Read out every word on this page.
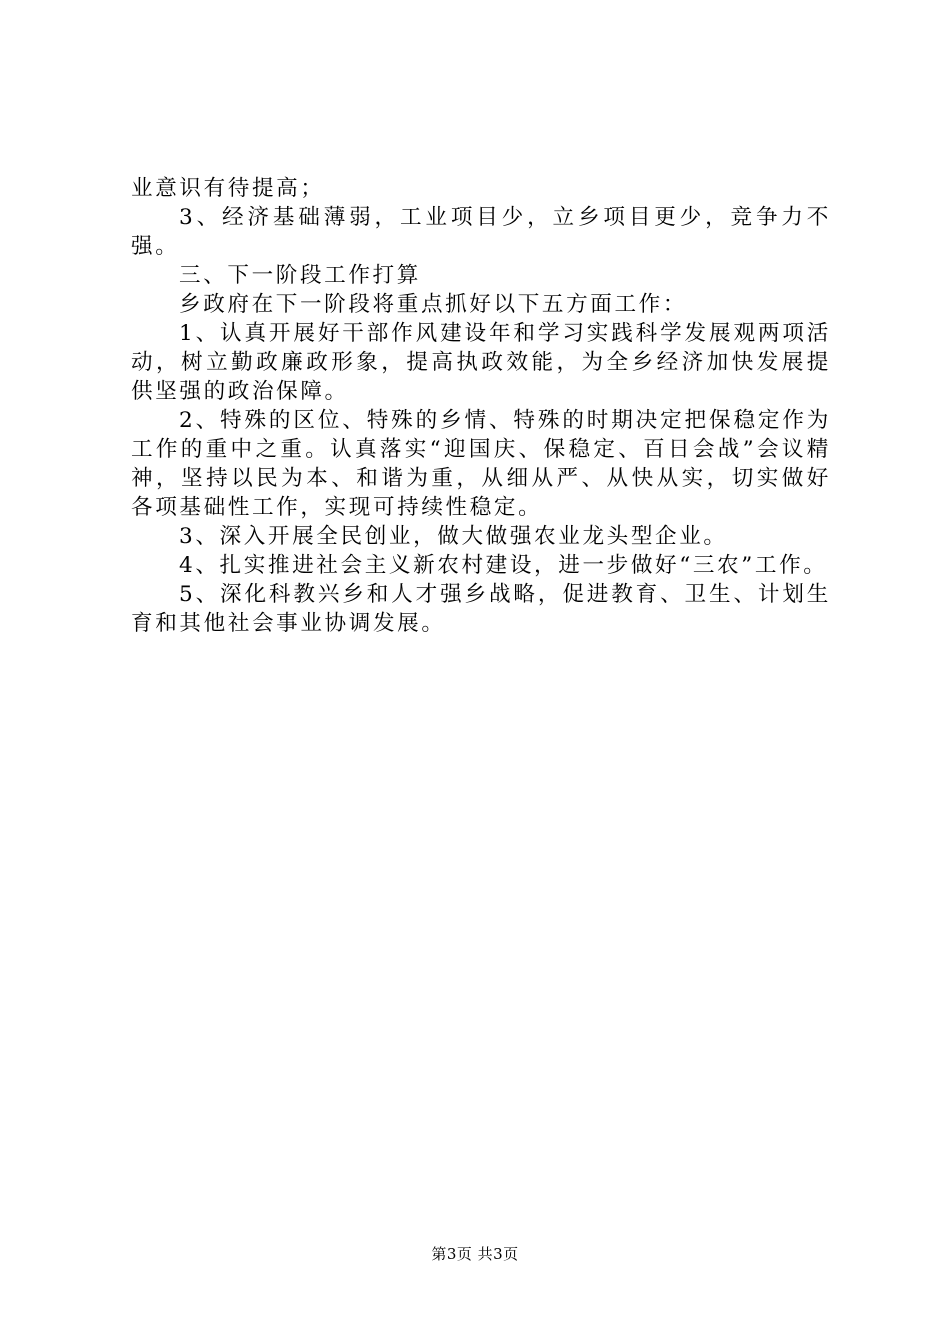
业意识有待提高；

3、经济基础薄弱，工业项目少，立乡项目更少，竞争力不强。

三、下一阶段工作打算

乡政府在下一阶段将重点抓好以下五方面工作：

1、认真开展好干部作风建设年和学习实践科学发展观两项活动，树立勤政廉政形象，提高执政效能，为全乡经济加快发展提供坚强的政治保障。

2、特殊的区位、特殊的乡情、特殊的时期决定把保稳定作为工作的重中之重。认真落实“迎国庆、保稳定、百日会战”会议精神，坚持以民为本、和谐为重，从细从严、从快从实，切实做好各项基础性工作，实现可持续性稳定。

3、深入开展全民创业，做大做强农业龙头型企业。

4、扎实推进社会主义新农村建设，进一步做好“三农”工作。

5、深化科教兴乡和人才强乡战略，促进教育、卫生、计划生育和其他社会事业协调发展。

第3页 共3页
